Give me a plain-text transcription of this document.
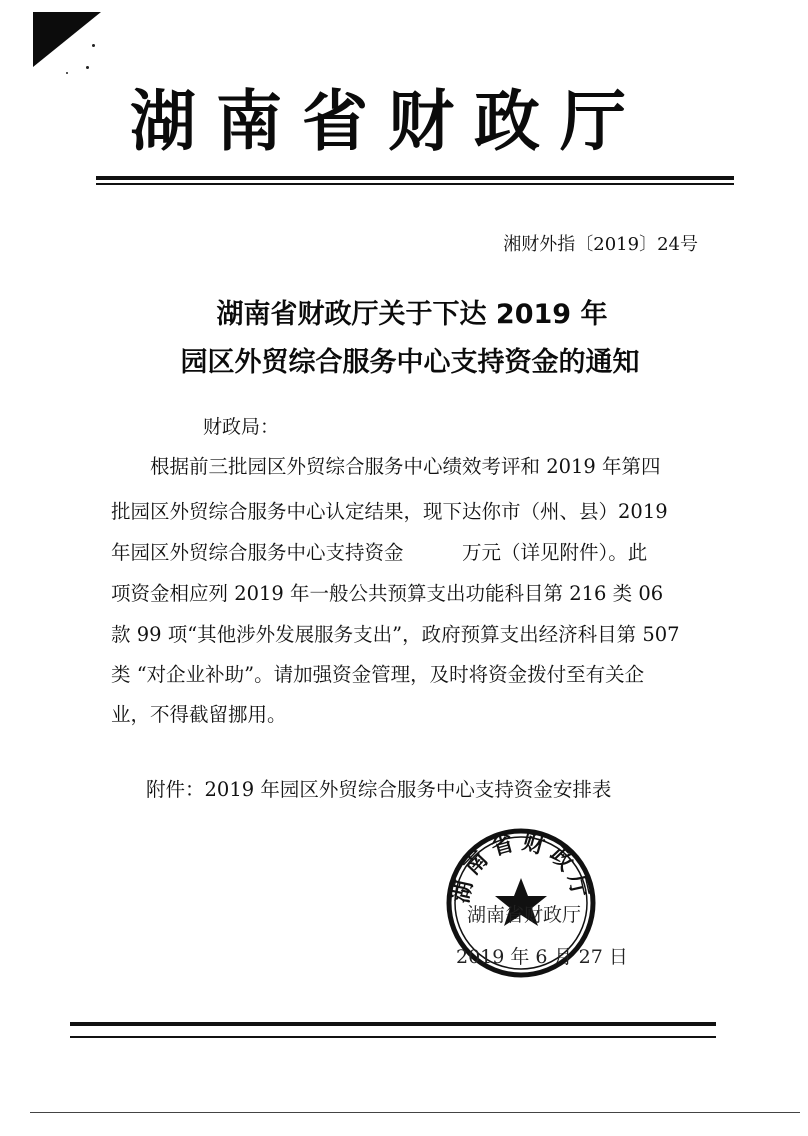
湖南省财政厅
湘财外指〔2019〕24号
湖南省财政厅关于下达 2019 年
园区外贸综合服务中心支持资金的通知
财政局：
根据前三批园区外贸综合服务中心绩效考评和 2019 年第四
批园区外贸综合服务中心认定结果，现下达你市（州、县）2019
年园区外贸综合服务中心支持资金　　　万元（详见附件）。此
项资金相应列 2019 年一般公共预算支出功能科目第 216 类 06
款 99 项“其他涉外发展服务支出”，政府预算支出经济科目第 507
类 “对企业补助”。请加强资金管理，及时将资金拨付至有关企
业，不得截留挪用。
附件：2019 年园区外贸综合服务中心支持资金安排表
湖南省财政厅
湖南省财政厅
2019 年 6 月 27 日
